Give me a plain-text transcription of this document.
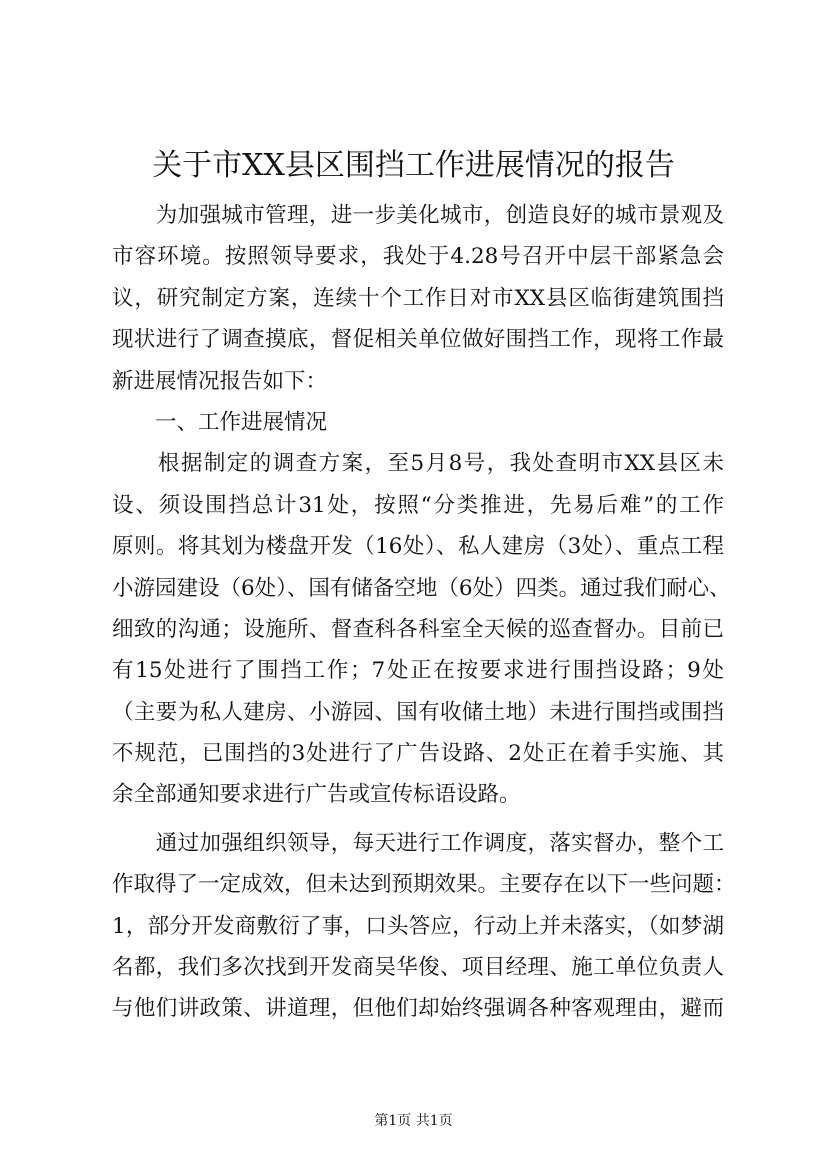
关于市XX县区围挡工作进展情况的报告
　　为加强城市管理，进一步美化城市，创造良好的城市景观及
市容环境。按照领导要求，我处于4.28号召开中层干部紧急会
议，研究制定方案，连续十个工作日对市XX县区临街建筑围挡
现状进行了调查摸底，督促相关单位做好围挡工作，现将工作最
新进展情况报告如下：
　　一、工作进展情况
　　根据制定的调查方案，至5月8号，我处查明市XX县区未
设、须设围挡总计31处，按照“分类推进，先易后难”的工作
原则。将其划为楼盘开发（16处）、私人建房（3处）、重点工程
小游园建设（6处）、国有储备空地（6处）四类。通过我们耐心、
细致的沟通；设施所、督查科各科室全天候的巡查督办。目前已
有15处进行了围挡工作；7处正在按要求进行围挡设路；9处
（主要为私人建房、小游园、国有收储土地）未进行围挡或围挡
不规范，已围挡的3处进行了广告设路、2处正在着手实施、其
余全部通知要求进行广告或宣传标语设路。
　　通过加强组织领导，每天进行工作调度，落实督办，整个工
作取得了一定成效，但未达到预期效果。主要存在以下一些问题：
1，部分开发商敷衍了事，口头答应，行动上并未落实，（如梦湖
名都，我们多次找到开发商吴华俊、项目经理、施工单位负责人
与他们讲政策、讲道理，但他们却始终强调各种客观理由，避而
第1页 共1页
